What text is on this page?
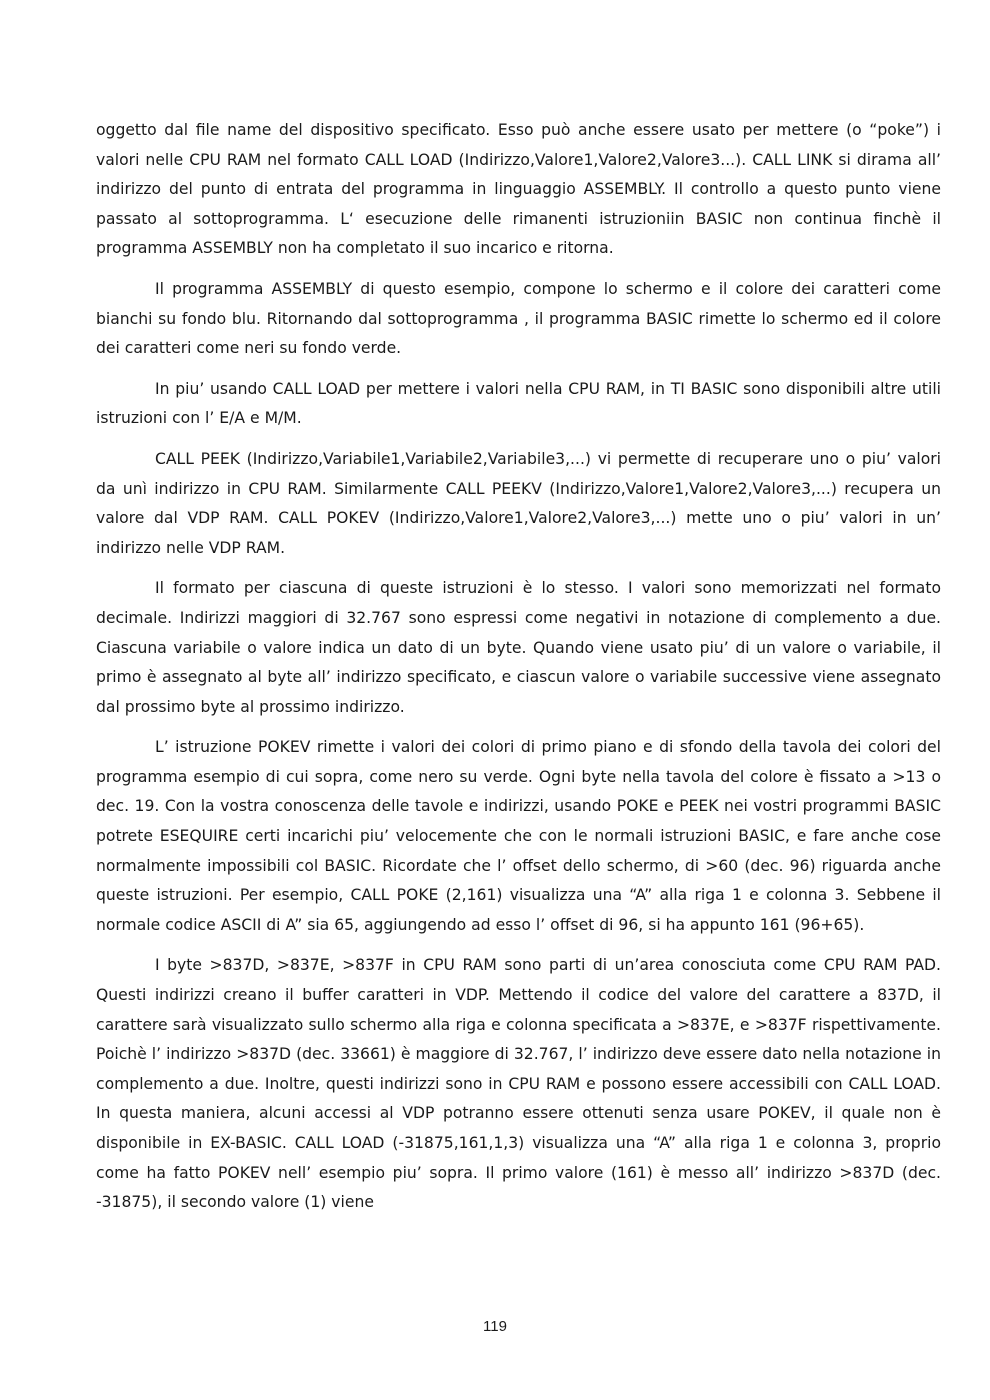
oggetto dal file name del dispositivo specificato. Esso può anche essere usato per mettere (o “poke”) i valori nelle CPU RAM nel formato CALL LOAD (Indirizzo,Valore1,Valore2,Valore3...). CALL LINK si dirama all’ indirizzo del punto di entrata del programma in linguaggio ASSEMBLY. Il controllo a questo punto viene passato al sottoprogramma. L‘ esecuzione delle rimanenti istruzioniin BASIC non continua finchè il programma ASSEMBLY non ha completato il suo incarico e ritorna.

Il programma ASSEMBLY di questo esempio, compone lo schermo e il colore dei caratteri come bianchi su fondo blu. Ritornando dal sottoprogramma , il programma BASIC rimette lo schermo ed il colore dei caratteri come neri su fondo verde.

In piu’ usando CALL LOAD per mettere i valori nella CPU RAM, in TI BASIC sono disponibili altre utili istruzioni con l’ E/A e M/M.

CALL PEEK (Indirizzo,Variabile1,Variabile2,Variabile3,...) vi permette di recuperare uno o piu’ valori da unì indirizzo in CPU RAM. Similarmente CALL PEEKV (Indirizzo,Valore1,Valore2,Valore3,...) recupera un valore dal VDP RAM. CALL POKEV (Indirizzo,Valore1,Valore2,Valore3,...) mette uno o piu’ valori in un’ indirizzo nelle VDP RAM.

Il formato per ciascuna di queste istruzioni è lo stesso. I valori sono memorizzati nel formato decimale. Indirizzi maggiori di 32.767 sono espressi come negativi in notazione di complemento a due. Ciascuna variabile o valore indica un dato di un byte. Quando viene usato piu’ di un valore o variabile, il primo è assegnato al byte all’ indirizzo specificato, e ciascun valore o variabile successive viene assegnato dal prossimo byte al prossimo indirizzo.

L’ istruzione POKEV rimette i valori dei colori di primo piano e di sfondo della tavola dei colori del programma esempio di cui sopra, come nero su verde. Ogni byte nella tavola del colore è fissato a >13 o dec. 19. Con la vostra conoscenza delle tavole e indirizzi, usando POKE e PEEK nei vostri programmi BASIC potrete ESEQUIRE certi incarichi piu’ velocemente che con le normali istruzioni BASIC, e fare anche cose normalmente impossibili col BASIC. Ricordate che l’ offset dello schermo, di >60 (dec. 96) riguarda anche queste istruzioni. Per esempio, CALL POKE (2,161) visualizza una “A” alla riga 1 e colonna 3. Sebbene il normale codice ASCII di A” sia 65, aggiungendo ad esso l’ offset di 96, si ha appunto 161 (96+65).

I byte >837D, >837E, >837F in CPU RAM sono parti di un’area conosciuta come CPU RAM PAD. Questi indirizzi creano il buffer caratteri in VDP. Mettendo il codice del valore del carattere a 837D, il carattere sarà visualizzato sullo schermo alla riga e colonna specificata a >837E, e >837F rispettivamente. Poichè l’ indirizzo >837D (dec. 33661) è maggiore di 32.767, l’ indirizzo deve essere dato nella notazione in complemento a due. Inoltre, questi indirizzi sono in CPU RAM e possono essere accessibili con CALL LOAD. In questa maniera, alcuni accessi al VDP potranno essere ottenuti senza usare POKEV, il quale non è disponibile in EX-BASIC. CALL LOAD (-31875,161,1,3) visualizza una “A” alla riga 1 e colonna 3, proprio come ha fatto POKEV nell’ esempio piu’ sopra. Il primo valore (161) è messo all’ indirizzo >837D (dec. -31875), il secondo valore (1) viene

119
